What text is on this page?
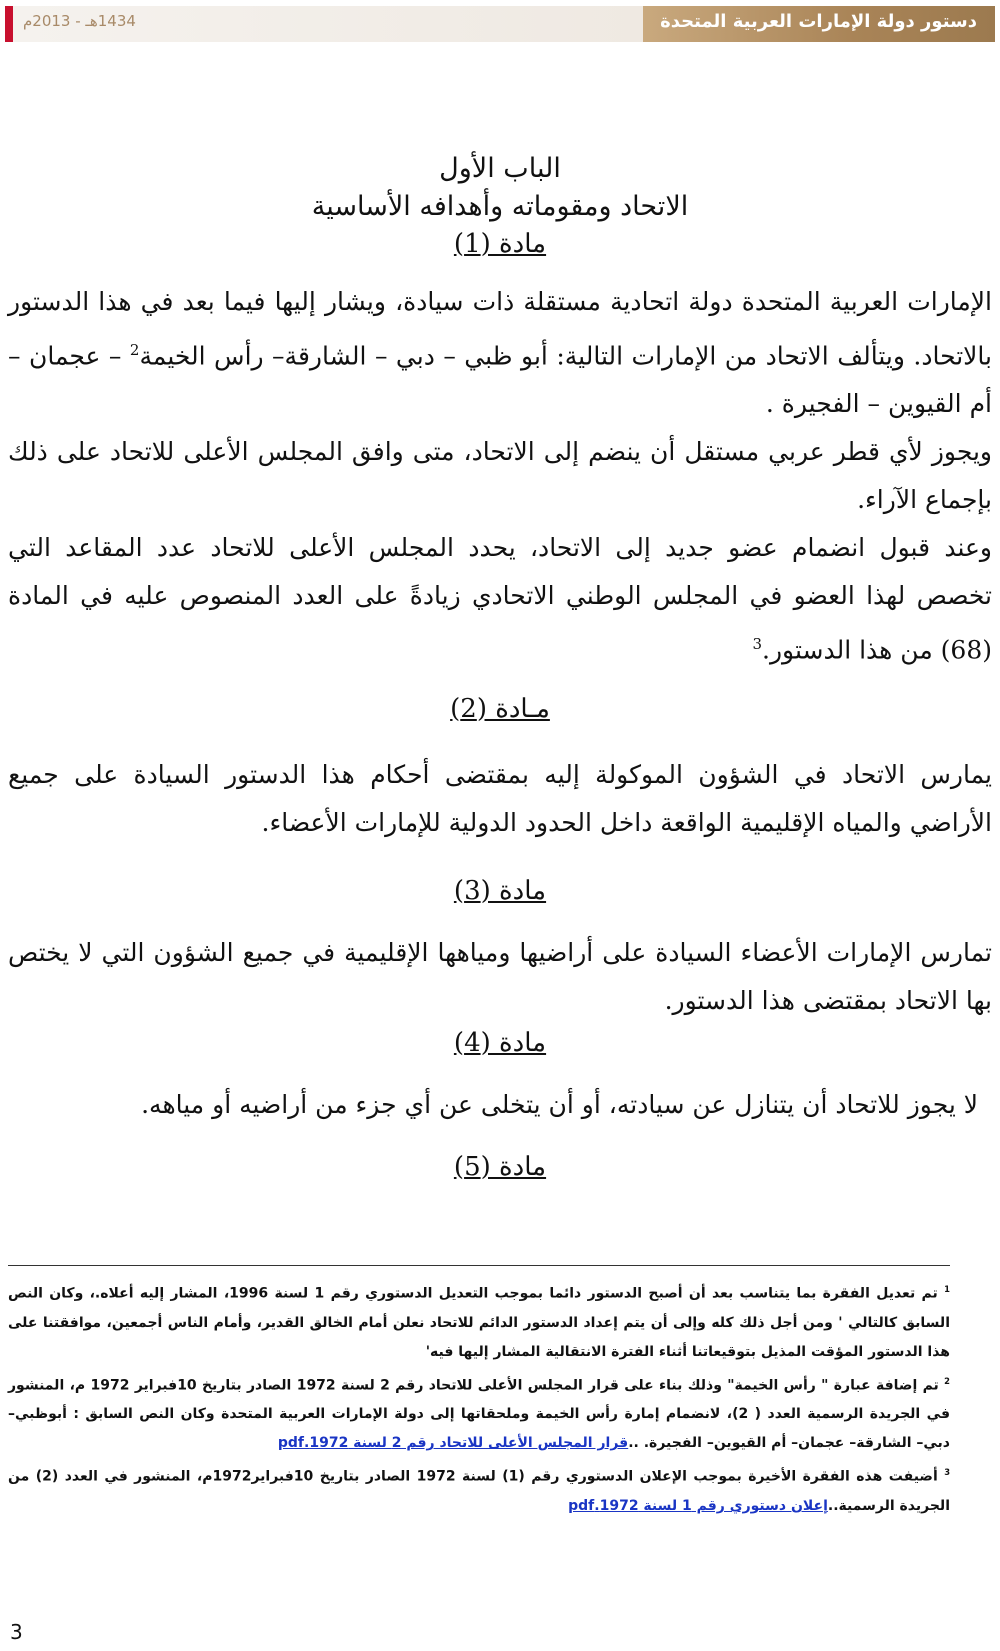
1434هـ - 2013م	دستور دولة الإمارات العربية المتحدة

الباب الأول

الاتحاد ومقوماته وأهدافه الأساسية

مادة (1)

الإمارات العربية المتحدة دولة اتحادية مستقلة ذات سيادة، ويشار إليها فيما بعد في هذا الدستور بالاتحاد. ويتألف الاتحاد من الإمارات التالية: أبو ظبي – دبي – الشارقة– رأس الخيمة$^2$ – عجمان – أم القيوين – الفجيرة .

ويجوز لأي قطر عربي مستقل أن ينضم إلى الاتحاد، متى وافق المجلس الأعلى للاتحاد على ذلك بإجماع الآراء.

وعند قبول انضمام عضو جديد إلى الاتحاد، يحدد المجلس الأعلى للاتحاد عدد المقاعد التي تخصص لهذا العضو في المجلس الوطني الاتحادي زيادةً على العدد المنصوص عليه في المادة (68) من هذا الدستور.$^3$

مـادة (2)

يمارس الاتحاد في الشؤون الموكولة إليه بمقتضى أحكام هذا الدستور السيادة على جميع الأراضي والمياه الإقليمية الواقعة داخل الحدود الدولية للإمارات الأعضاء.

مادة (3)

تمارس الإمارات الأعضاء السيادة على أراضيها ومياهها الإقليمية في جميع الشؤون التي لا يختص بها الاتحاد بمقتضى هذا الدستور.

مادة (4)

لا يجوز للاتحاد أن يتنازل عن سيادته، أو أن يتخلى عن أي جزء من أراضيه أو مياهه.

مادة (5)

$^1$ تم تعديل الفقرة بما يتناسب بعد أن أصبح الدستور دائما بموجب التعديل الدستوري رقم 1 لسنة 1996، المشار إليه أعلاه.، وكان النص السابق كالتالي ' ومن أجل ذلك كله وإلى أن يتم إعداد الدستور الدائم للاتحاد نعلن أمام الخالق القدير، وأمام الناس أجمعين، موافقتنا على هذا الدستور المؤقت المذيل بتوقيعاتنا أثناء الفترة الانتقالية المشار إليها فيه'

$^2$ تم إضافة عبارة " رأس الخيمة" وذلك بناء على قرار المجلس الأعلى للاتحاد رقم 2 لسنة 1972 الصادر بتاريخ 10فبراير 1972 م، المنشور في الجريدة الرسمية العدد ( 2)، لانضمام إمارة رأس الخيمة وملحقاتها إلى دولة الإمارات العربية المتحدة وكان النص السابق : أبوظبي– دبي– الشارقة– عجمان– أم القيوين– الفجيرة. ..قرار المجلس الأعلى للاتحاد رقم 2 لسنة 1972.pdf

$^3$ أضيفت هذه الفقرة الأخيرة بموجب الإعلان الدستوري رقم (1) لسنة 1972 الصادر بتاريخ 10فبراير1972م، المنشور في العدد (2) من الجريدة الرسمية..إعلان دستوري رقم 1 لسنة 1972.pdf

3
